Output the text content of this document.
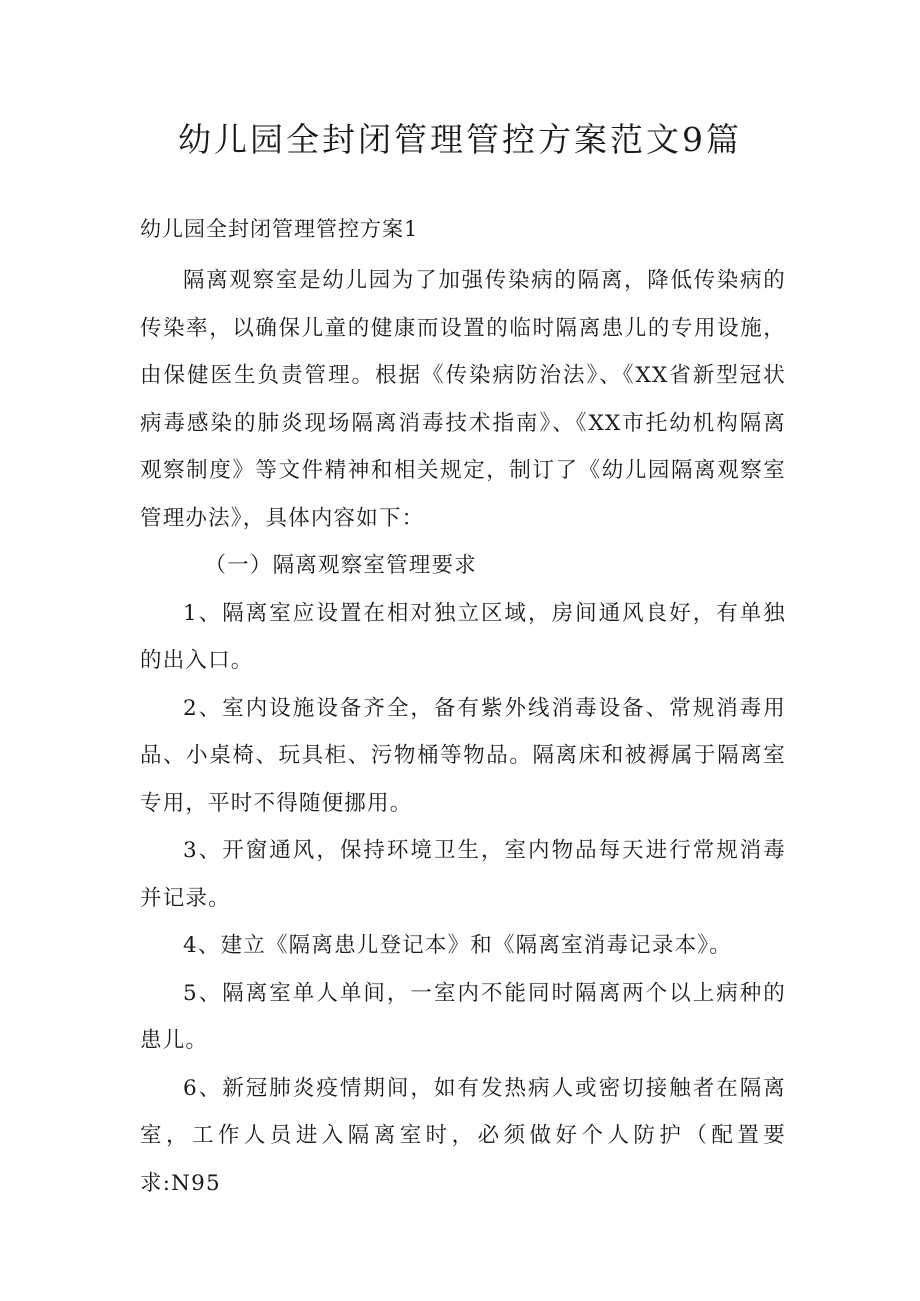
幼儿园全封闭管理管控方案范文9篇
幼儿园全封闭管理管控方案1

隔离观察室是幼儿园为了加强传染病的隔离，降低传染病的传染率，以确保儿童的健康而设置的临时隔离患儿的专用设施，由保健医生负责管理。根据《传染病防治法》、《XX省新型冠状病毒感染的肺炎现场隔离消毒技术指南》、《XX市托幼机构隔离观察制度》等文件精神和相关规定，制订了《幼儿园隔离观察室管理办法》，具体内容如下：

（一）隔离观察室管理要求

1、隔离室应设置在相对独立区域，房间通风良好，有单独的出入口。

2、室内设施设备齐全，备有紫外线消毒设备、常规消毒用品、小桌椅、玩具柜、污物桶等物品。隔离床和被褥属于隔离室专用，平时不得随便挪用。

3、开窗通风，保持环境卫生，室内物品每天进行常规消毒并记录。

4、建立《隔离患儿登记本》和《隔离室消毒记录本》。

5、隔离室单人单间，一室内不能同时隔离两个以上病种的患儿。

6、新冠肺炎疫情期间，如有发热病人或密切接触者在隔离室，工作人员进入隔离室时，必须做好个人防护（配置要求:N95
